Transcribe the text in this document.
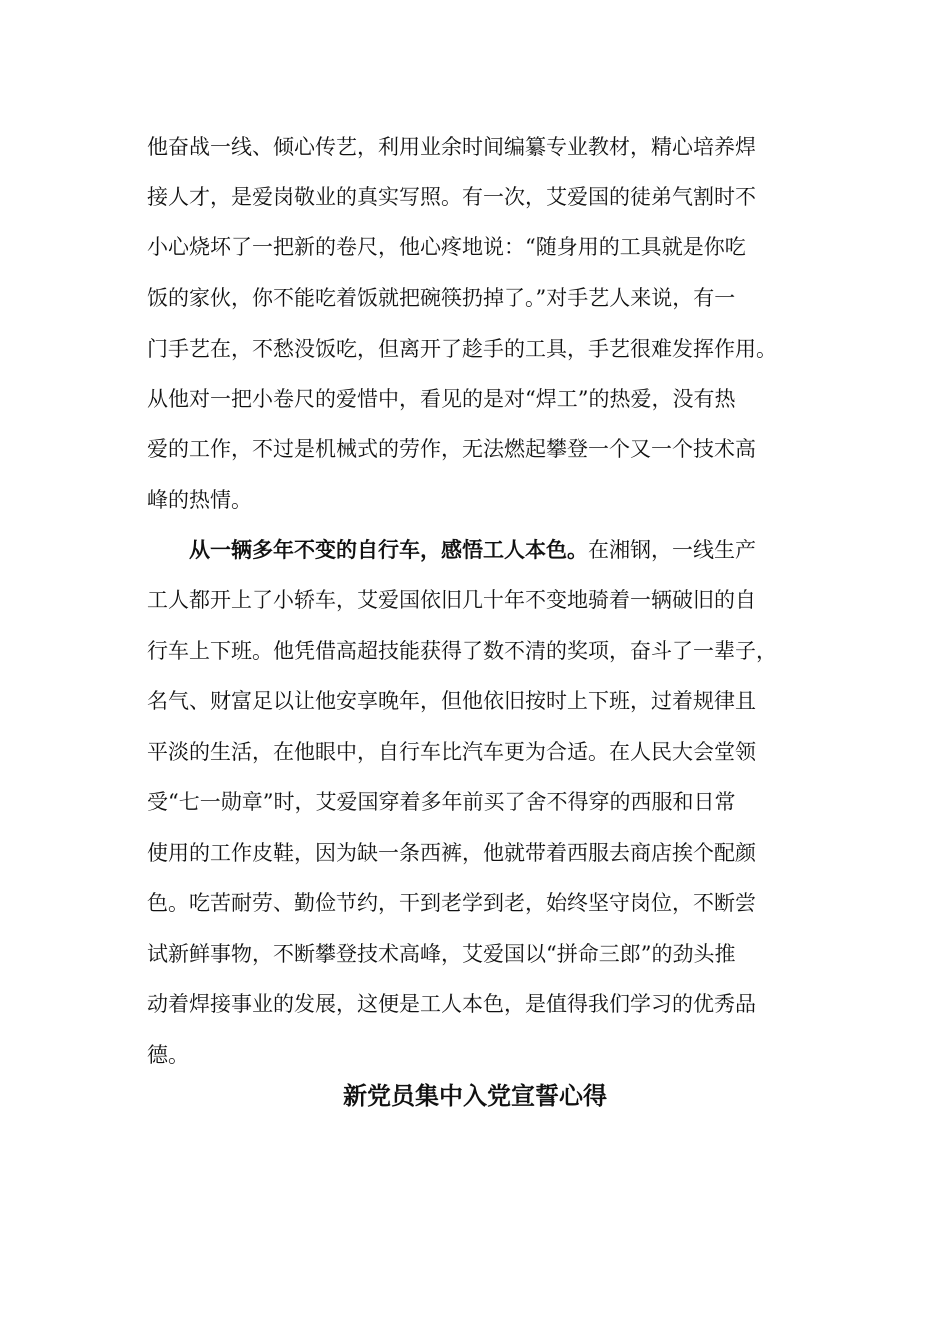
他奋战一线、倾心传艺，利用业余时间编纂专业教材，精心培养焊
接人才，是爱岗敬业的真实写照。有一次，艾爱国的徒弟气割时不
小心烧坏了一把新的卷尺，他心疼地说：“随身用的工具就是你吃
饭的家伙，你不能吃着饭就把碗筷扔掉了。”对手艺人来说，有一
门手艺在，不愁没饭吃，但离开了趁手的工具，手艺很难发挥作用。
从他对一把小卷尺的爱惜中，看见的是对“焊工”的热爱，没有热
爱的工作，不过是机械式的劳作，无法燃起攀登一个又一个技术高
峰的热情。
从一辆多年不变的自行车，感悟工人本色。在湘钢，一线生产
工人都开上了小轿车，艾爱国依旧几十年不变地骑着一辆破旧的自
行车上下班。他凭借高超技能获得了数不清的奖项，奋斗了一辈子，
名气、财富足以让他安享晚年，但他依旧按时上下班，过着规律且
平淡的生活，在他眼中，自行车比汽车更为合适。在人民大会堂领
受“七一勋章”时，艾爱国穿着多年前买了舍不得穿的西服和日常
使用的工作皮鞋，因为缺一条西裤，他就带着西服去商店挨个配颜
色。吃苦耐劳、勤俭节约，干到老学到老，始终坚守岗位，不断尝
试新鲜事物，不断攀登技术高峰，艾爱国以“拼命三郎”的劲头推
动着焊接事业的发展，这便是工人本色，是值得我们学习的优秀品
德。
新党员集中入党宣誓心得
